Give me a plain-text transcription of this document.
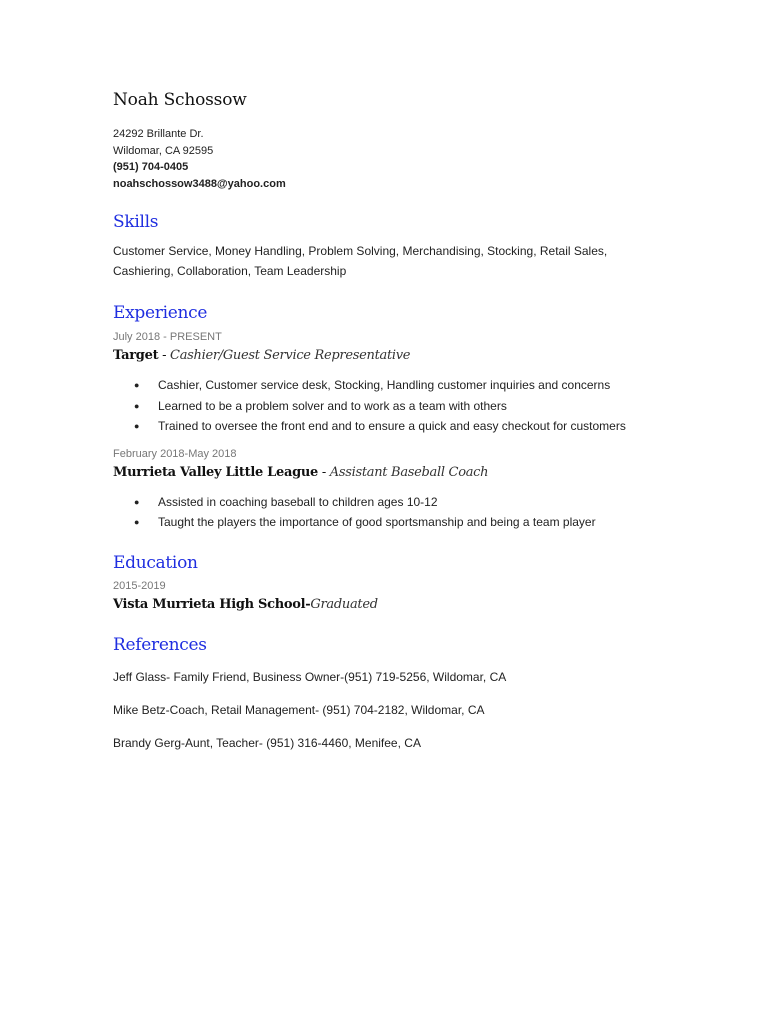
Noah Schossow
24292 Brillante Dr.
Wildomar, CA 92595
(951) 704-0405
noahschossow3488@yahoo.com
Skills
Customer Service, Money Handling, Problem Solving, Merchandising, Stocking, Retail Sales,
Cashiering, Collaboration, Team Leadership
Experience
July 2018 - PRESENT
Target - Cashier/Guest Service Representative
● Cashier, Customer service desk, Stocking, Handling customer inquiries and concerns
● Learned to be a problem solver and to work as a team with others
● Trained to oversee the front end and to ensure a quick and easy checkout for customers
February 2018-May 2018
Murrieta Valley Little League - Assistant Baseball Coach
● Assisted in coaching baseball to children ages 10-12
● Taught the players the importance of good sportsmanship and being a team player
Education
2015-2019
Vista Murrieta High School-Graduated
References
Jeff Glass- Family Friend, Business Owner-(951) 719-5256, Wildomar, CA
Mike Betz-Coach, Retail Management- (951) 704-2182, Wildomar, CA
Brandy Gerg-Aunt, Teacher- (951) 316-4460, Menifee, CA
